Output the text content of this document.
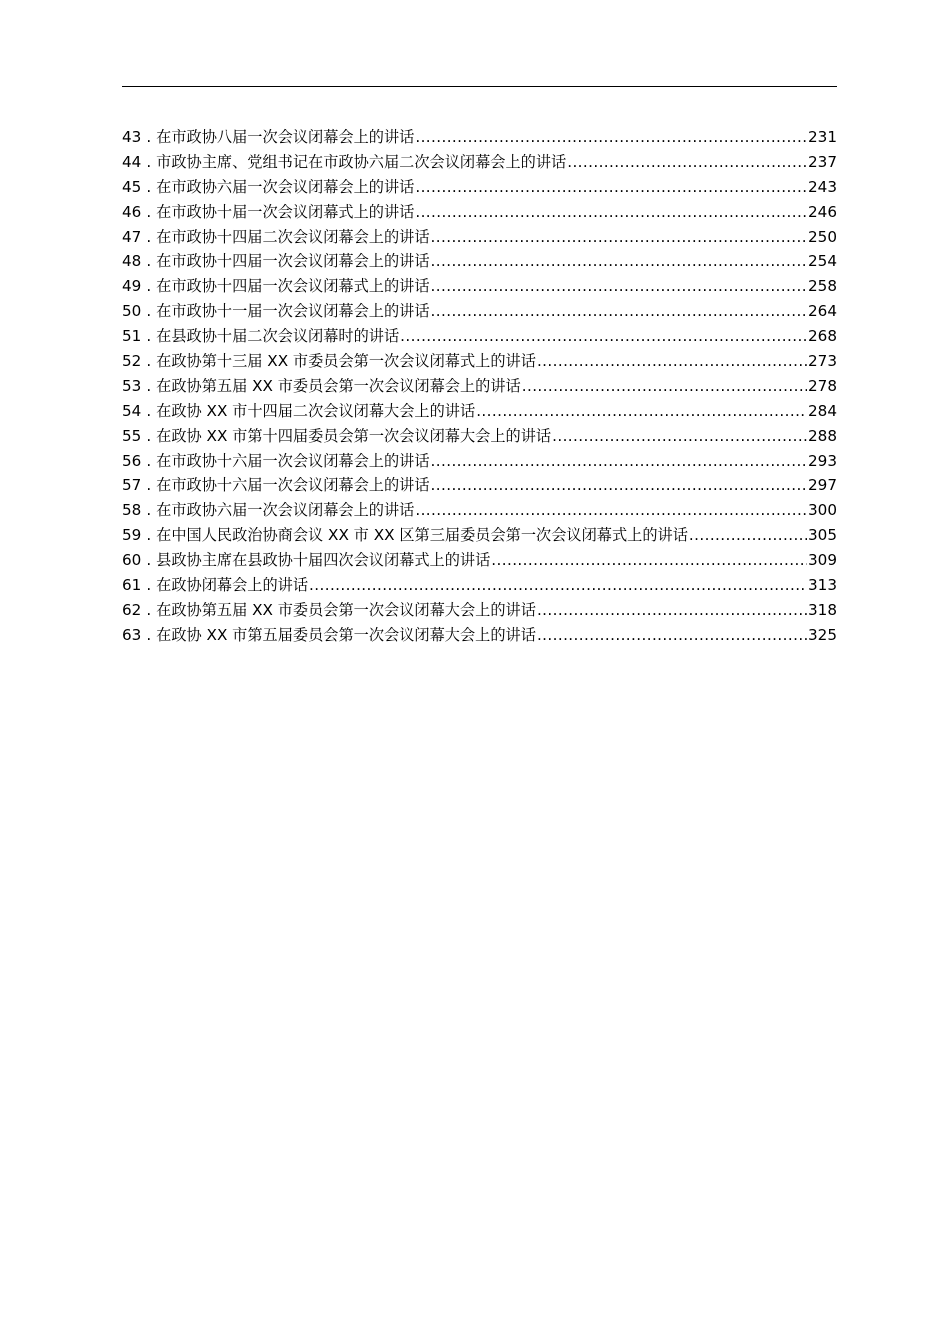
43 . 在市政协八届一次会议闭幕会上的讲话 .....	231
44 . 市政协主席、党组书记在市政协六届二次会议闭幕会上的讲话 .....	237
45 . 在市政协六届一次会议闭幕会上的讲话 .....	243
46 . 在市政协十届一次会议闭幕式上的讲话 .....	246
47 . 在市政协十四届二次会议闭幕会上的讲话 .....	250
48 . 在市政协十四届一次会议闭幕会上的讲话 .....	254
49 . 在市政协十四届一次会议闭幕式上的讲话 .....	258
50 . 在市政协十一届一次会议闭幕会上的讲话 .....	264
51 . 在县政协十届二次会议闭幕时的讲话 .....	268
52 . 在政协第十三届 XX 市委员会第一次会议闭幕式上的讲话 .....	273
53 . 在政协第五届 XX 市委员会第一次会议闭幕会上的讲话 .....	278
54 . 在政协 XX 市十四届二次会议闭幕大会上的讲话 .....	284
55 . 在政协 XX 市第十四届委员会第一次会议闭幕大会上的讲话 .....	288
56 . 在市政协十六届一次会议闭幕会上的讲话 .....	293
57 . 在市政协十六届一次会议闭幕会上的讲话 .....	297
58 . 在市政协六届一次会议闭幕会上的讲话 .....	300
59 . 在中国人民政治协商会议 XX 市 XX 区第三届委员会第一次会议闭幕式上的讲话 .....	305
60 . 县政协主席在县政协十届四次会议闭幕式上的讲话 .....	309
61 . 在政协闭幕会上的讲话 .....	313
62 . 在政协第五届 XX 市委员会第一次会议闭幕大会上的讲话 .....	318
63 . 在政协 XX 市第五届委员会第一次会议闭幕大会上的讲话 .....	325
